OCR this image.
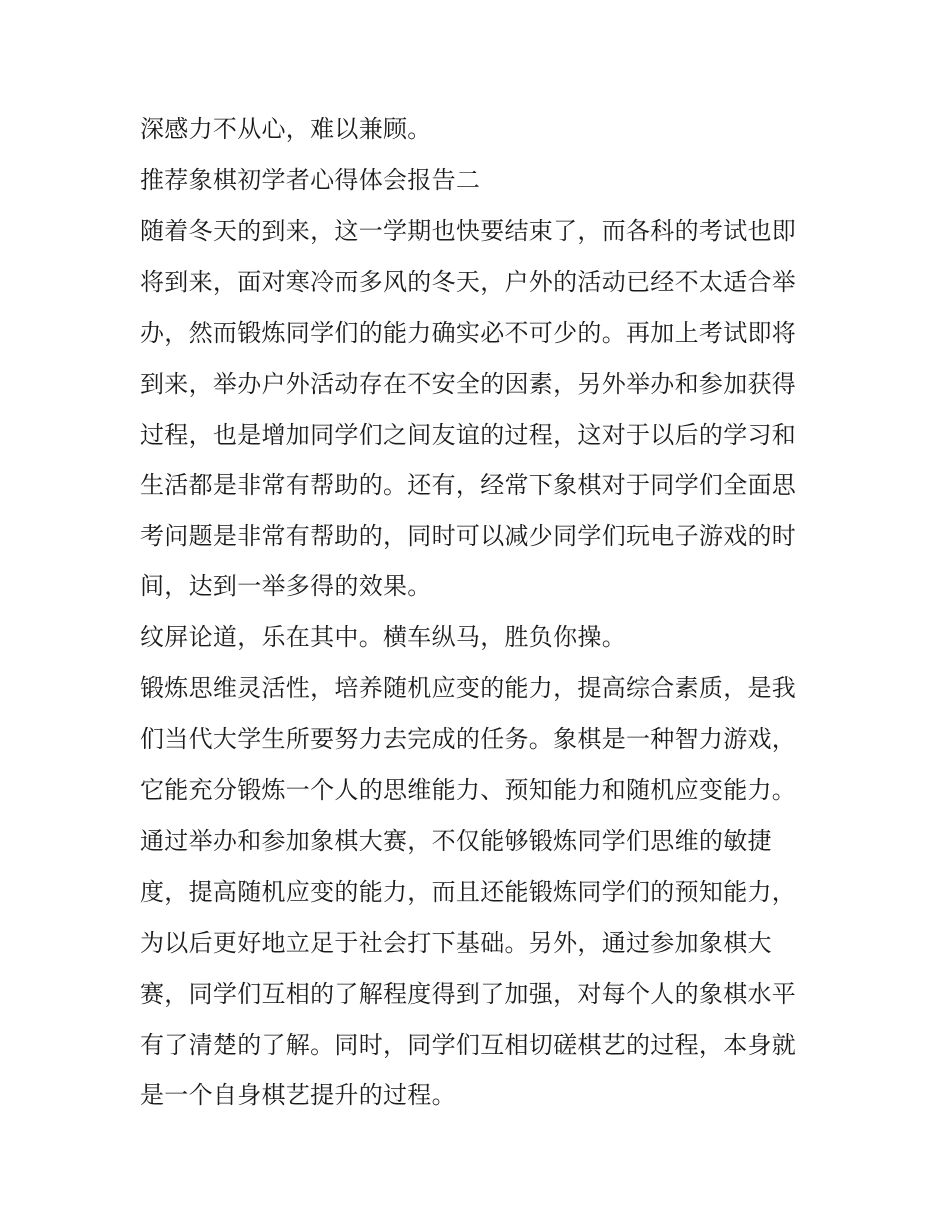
深感力不从心，难以兼顾。
推荐象棋初学者心得体会报告二
随着冬天的到来，这一学期也快要结束了，而各科的考试也即
将到来，面对寒冷而多风的冬天，户外的活动已经不太适合举
办，然而锻炼同学们的能力确实必不可少的。再加上考试即将
到来，举办户外活动存在不安全的因素，另外举办和参加获得
过程，也是增加同学们之间友谊的过程，这对于以后的学习和
生活都是非常有帮助的。还有，经常下象棋对于同学们全面思
考问题是非常有帮助的，同时可以减少同学们玩电子游戏的时
间，达到一举多得的效果。
纹屏论道，乐在其中。横车纵马，胜负你操。
锻炼思维灵活性，培养随机应变的能力，提高综合素质，是我
们当代大学生所要努力去完成的任务。象棋是一种智力游戏，
它能充分锻炼一个人的思维能力、预知能力和随机应变能力。
通过举办和参加象棋大赛，不仅能够锻炼同学们思维的敏捷
度，提高随机应变的能力，而且还能锻炼同学们的预知能力，
为以后更好地立足于社会打下基础。另外，通过参加象棋大
赛，同学们互相的了解程度得到了加强，对每个人的象棋水平
有了清楚的了解。同时，同学们互相切磋棋艺的过程，本身就
是一个自身棋艺提升的过程。
